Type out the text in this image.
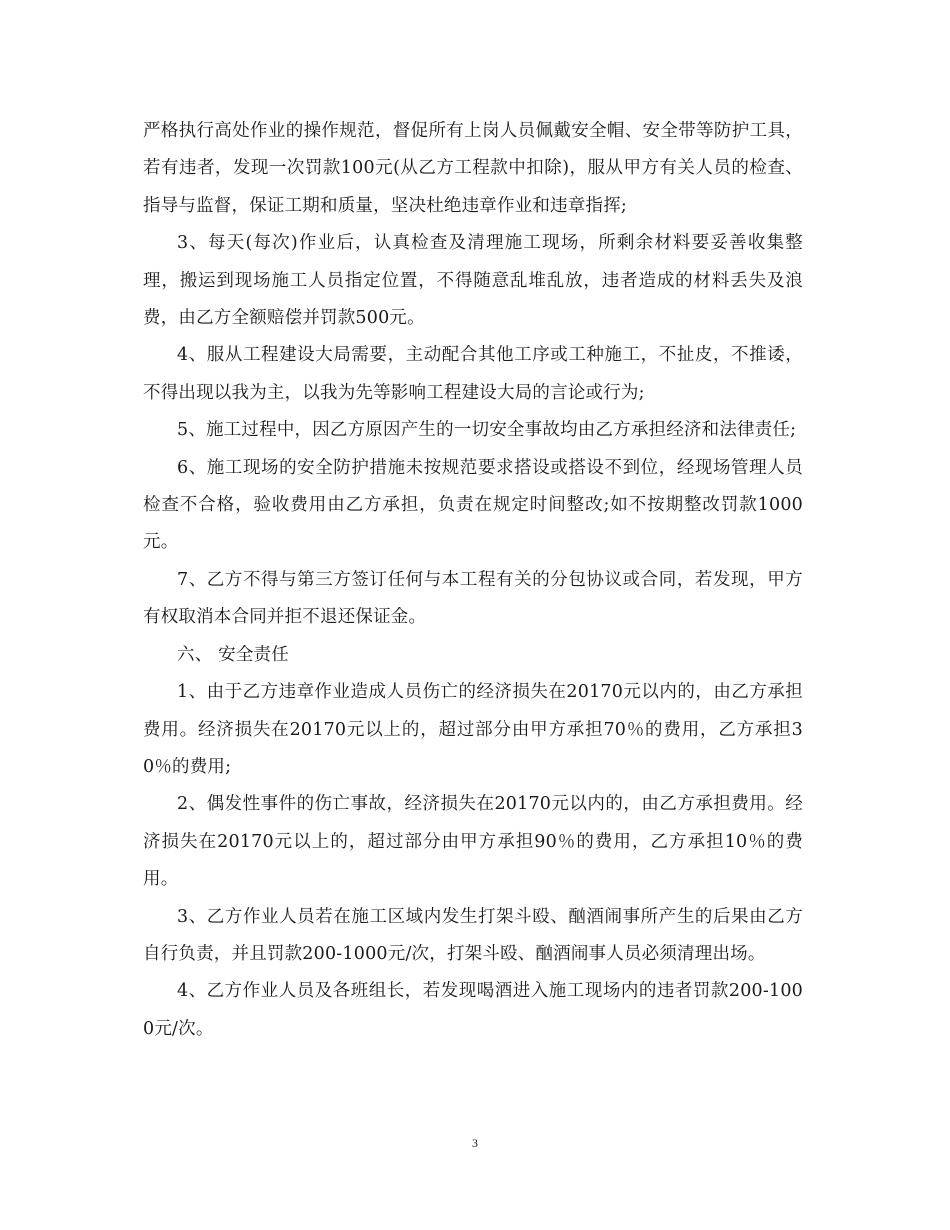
严格执行高处作业的操作规范，督促所有上岗人员佩戴安全帽、安全带等防护工具，若有违者，发现一次罚款100元(从乙方工程款中扣除)，服从甲方有关人员的检查、指导与监督，保证工期和质量，坚决杜绝违章作业和违章指挥;

3、每天(每次)作业后，认真检查及清理施工现场，所剩余材料要妥善收集整理，搬运到现场施工人员指定位置，不得随意乱堆乱放，违者造成的材料丢失及浪费，由乙方全额赔偿并罚款500元。

4、服从工程建设大局需要，主动配合其他工序或工种施工，不扯皮，不推诿，不得出现以我为主，以我为先等影响工程建设大局的言论或行为;

5、施工过程中，因乙方原因产生的一切安全事故均由乙方承担经济和法律责任;

6、施工现场的安全防护措施未按规范要求搭设或搭设不到位，经现场管理人员检查不合格，验收费用由乙方承担，负责在规定时间整改;如不按期整改罚款1000元。

7、乙方不得与第三方签订任何与本工程有关的分包协议或合同，若发现，甲方有权取消本合同并拒不退还保证金。

六、 安全责任

1、由于乙方违章作业造成人员伤亡的经济损失在20170元以内的，由乙方承担费用。经济损失在20170元以上的，超过部分由甲方承担70％的费用，乙方承担30％的费用;

2、偶发性事件的伤亡事故，经济损失在20170元以内的，由乙方承担费用。经济损失在20170元以上的，超过部分由甲方承担90％的费用，乙方承担10％的费用。

3、乙方作业人员若在施工区域内发生打架斗殴、酗酒闹事所产生的后果由乙方自行负责，并且罚款200-1000元/次，打架斗殴、酗酒闹事人员必须清理出场。

4、乙方作业人员及各班组长，若发现喝酒进入施工现场内的违者罚款200-1000元/次。

3
